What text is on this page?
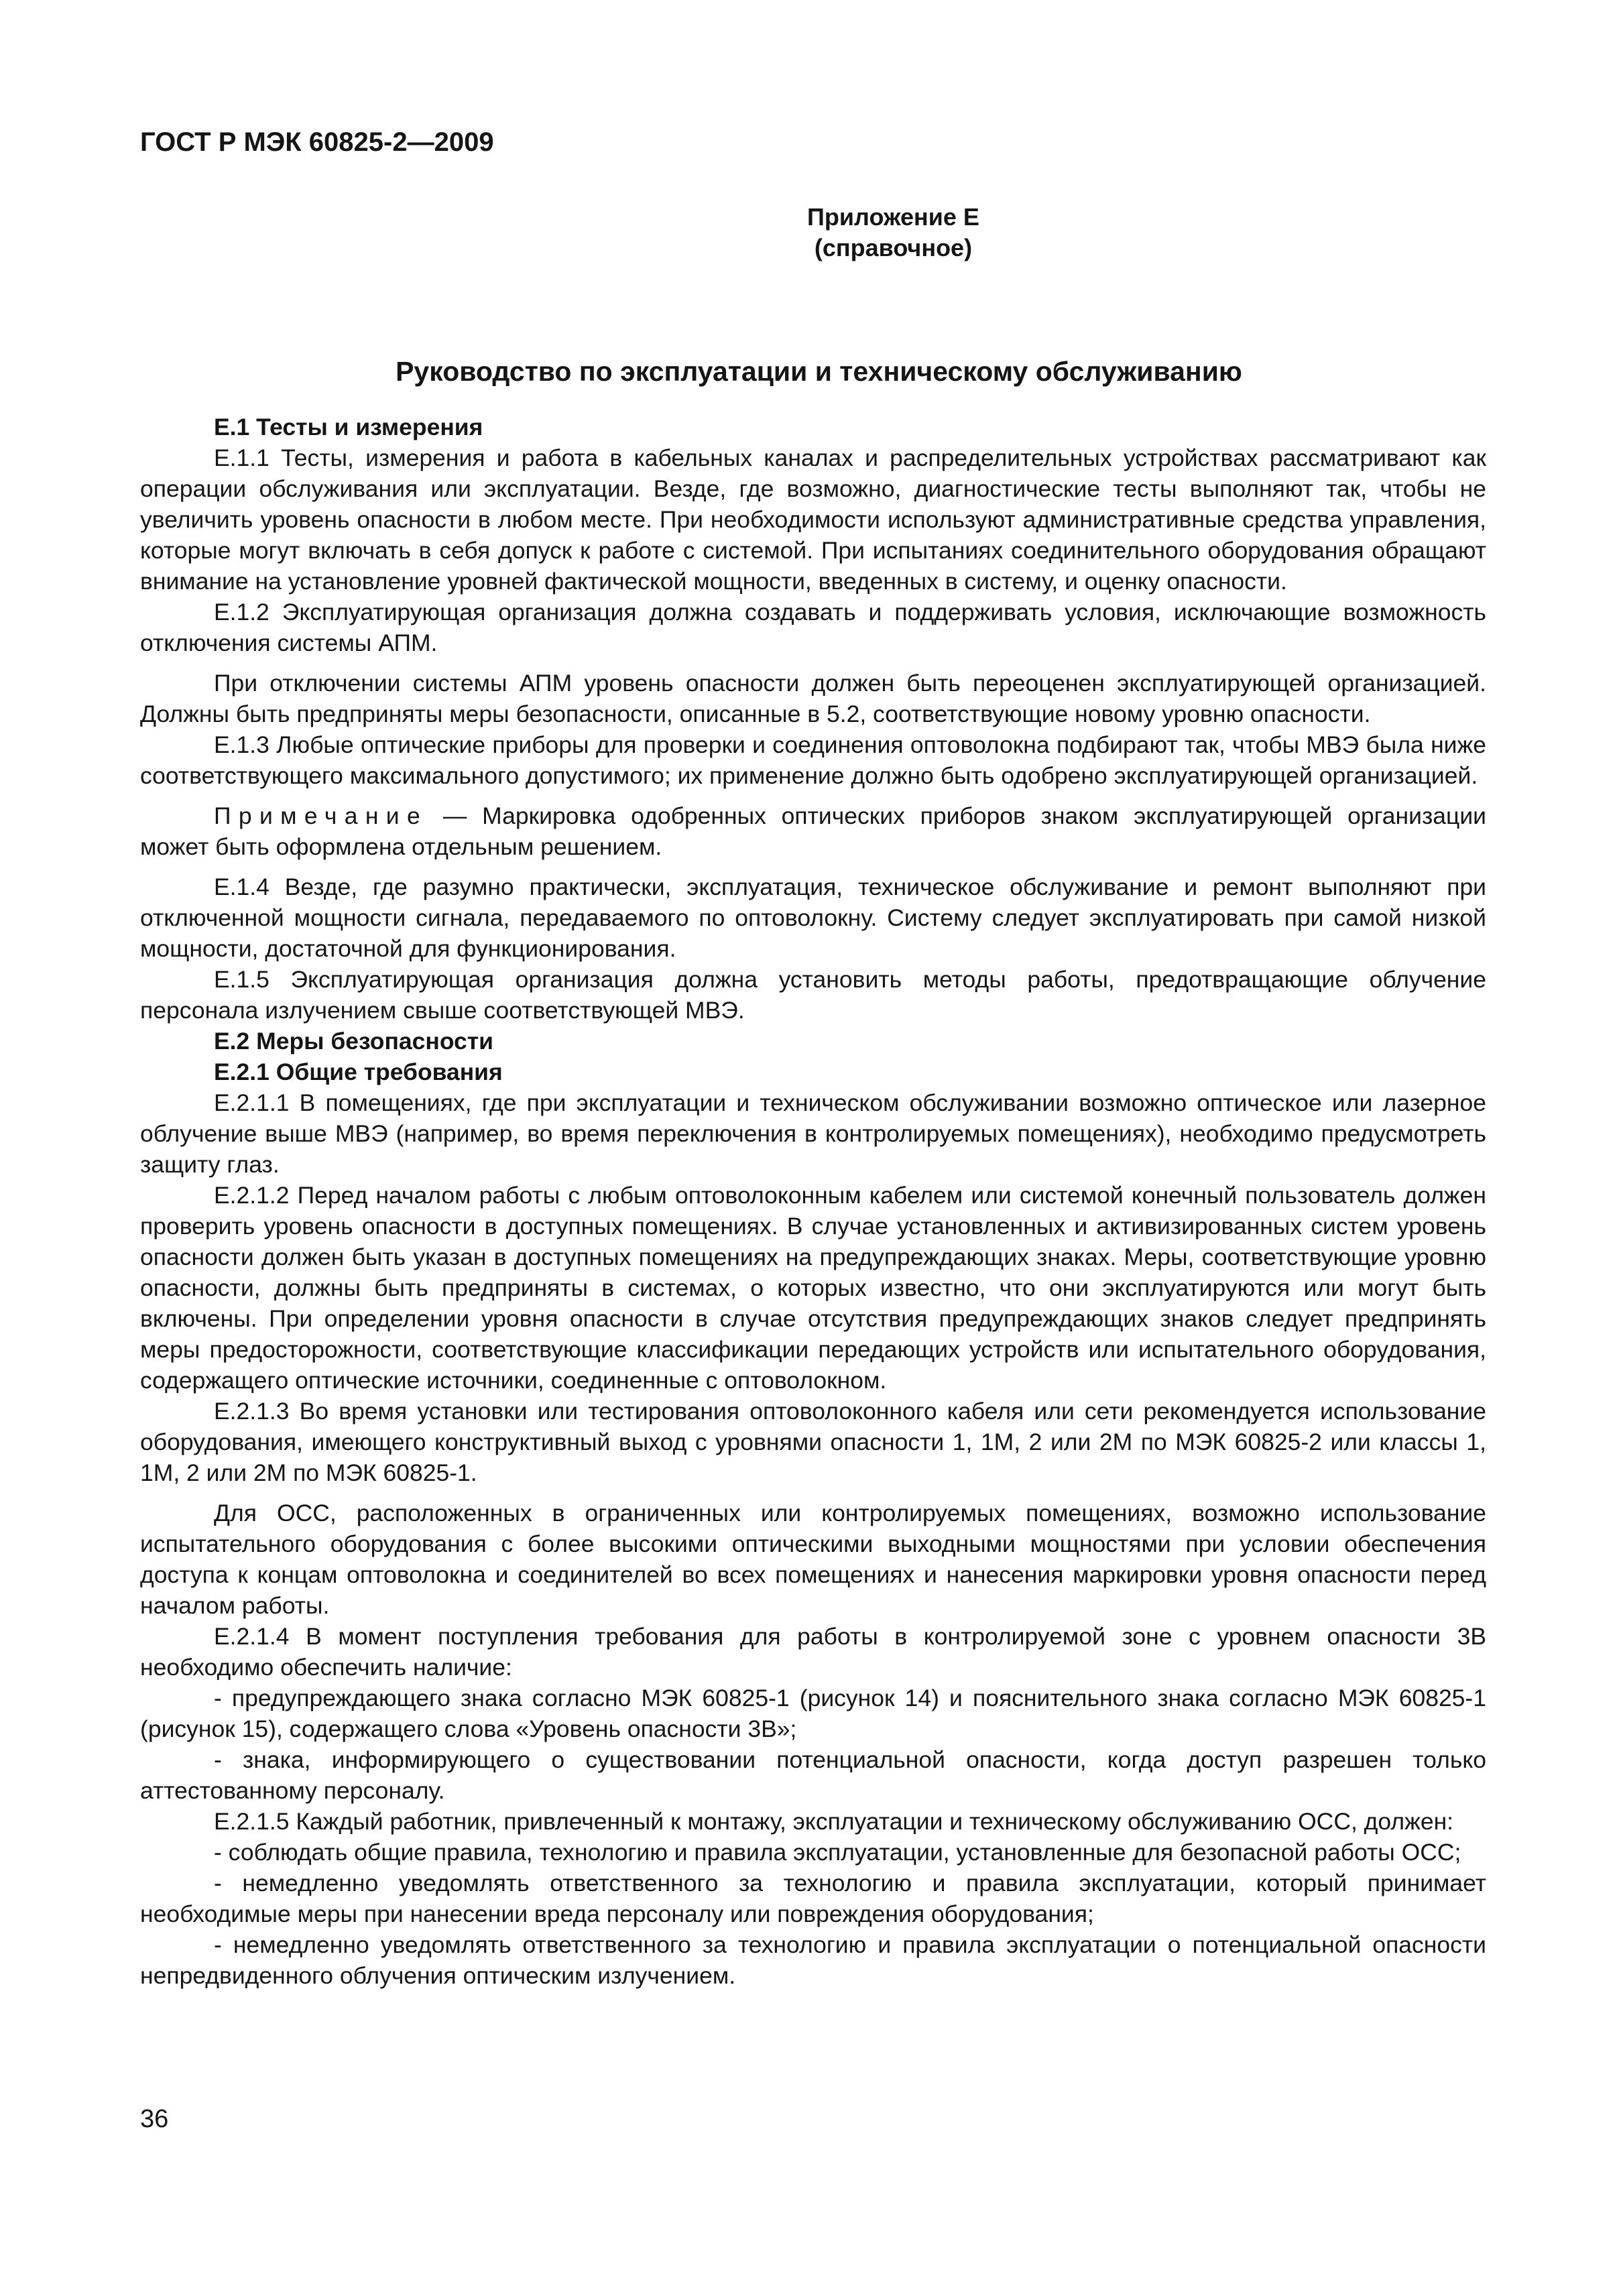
ГОСТ Р МЭК 60825-2—2009
Приложение Е
(справочное)
Руководство по эксплуатации и техническому обслуживанию

Е.1 Тесты и измерения

Е.1.1 Тесты, измерения и работа в кабельных каналах и распределительных устройствах рассматривают как операции обслуживания или эксплуатации. Везде, где возможно, диагностические тесты выполняют так, чтобы не увеличить уровень опасности в любом месте. При необходимости используют административные средства управления, которые могут включать в себя допуск к работе с системой. При испытаниях соединительного оборудования обращают внимание на установление уровней фактической мощности, введенных в систему, и оценку опасности.

Е.1.2 Эксплуатирующая организация должна создавать и поддерживать условия, исключающие возможность отключения системы АПМ.

При отключении системы АПМ уровень опасности должен быть переоценен эксплуатирующей организацией. Должны быть предприняты меры безопасности, описанные в 5.2, соответствующие новому уровню опасности.

Е.1.3 Любые оптические приборы для проверки и соединения оптоволокна подбирают так, чтобы МВЭ была ниже соответствующего максимального допустимого; их применение должно быть одобрено эксплуатирующей организацией.

Примечание — Маркировка одобренных оптических приборов знаком эксплуатирующей организации может быть оформлена отдельным решением.

Е.1.4 Везде, где разумно практически, эксплуатация, техническое обслуживание и ремонт выполняют при отключенной мощности сигнала, передаваемого по оптоволокну. Систему следует эксплуатировать при самой низкой мощности, достаточной для функционирования.

Е.1.5 Эксплуатирующая организация должна установить методы работы, предотвращающие облучение персонала излучением свыше соответствующей МВЭ.

Е.2 Меры безопасности

Е.2.1 Общие требования

Е.2.1.1 В помещениях, где при эксплуатации и техническом обслуживании возможно оптическое или лазерное облучение выше МВЭ (например, во время переключения в контролируемых помещениях), необходимо предусмотреть защиту глаз.

Е.2.1.2 Перед началом работы с любым оптоволоконным кабелем или системой конечный пользователь должен проверить уровень опасности в доступных помещениях. В случае установленных и активизированных систем уровень опасности должен быть указан в доступных помещениях на предупреждающих знаках. Меры, соответствующие уровню опасности, должны быть предприняты в системах, о которых известно, что они эксплуатируются или могут быть включены. При определении уровня опасности в случае отсутствия предупреждающих знаков следует предпринять меры предосторожности, соответствующие классификации передающих устройств или испытательного оборудования, содержащего оптические источники, соединенные с оптоволокном.

Е.2.1.3 Во время установки или тестирования оптоволоконного кабеля или сети рекомендуется использование оборудования, имеющего конструктивный выход с уровнями опасности 1, 1М, 2 или 2М по МЭК 60825-2 или классы 1, 1М, 2 или 2М по МЭК 60825-1.

Для ОСС, расположенных в ограниченных или контролируемых помещениях, возможно использование испытательного оборудования с более высокими оптическими выходными мощностями при условии обеспечения доступа к концам оптоволокна и соединителей во всех помещениях и нанесения маркировки уровня опасности перед началом работы.

Е.2.1.4 В момент поступления требования для работы в контролируемой зоне с уровнем опасности 3В необходимо обеспечить наличие:

- предупреждающего знака согласно МЭК 60825-1 (рисунок 14) и пояснительного знака согласно МЭК 60825-1 (рисунок 15), содержащего слова «Уровень опасности 3В»;

- знака, информирующего о существовании потенциальной опасности, когда доступ разрешен только аттестованному персоналу.

Е.2.1.5 Каждый работник, привлеченный к монтажу, эксплуатации и техническому обслуживанию ОСС, должен:

- соблюдать общие правила, технологию и правила эксплуатации, установленные для безопасной работы ОСС;

- немедленно уведомлять ответственного за технологию и правила эксплуатации, который принимает необходимые меры при нанесении вреда персоналу или повреждения оборудования;

- немедленно уведомлять ответственного за технологию и правила эксплуатации о потенциальной опасности непредвиденного облучения оптическим излучением.

36
